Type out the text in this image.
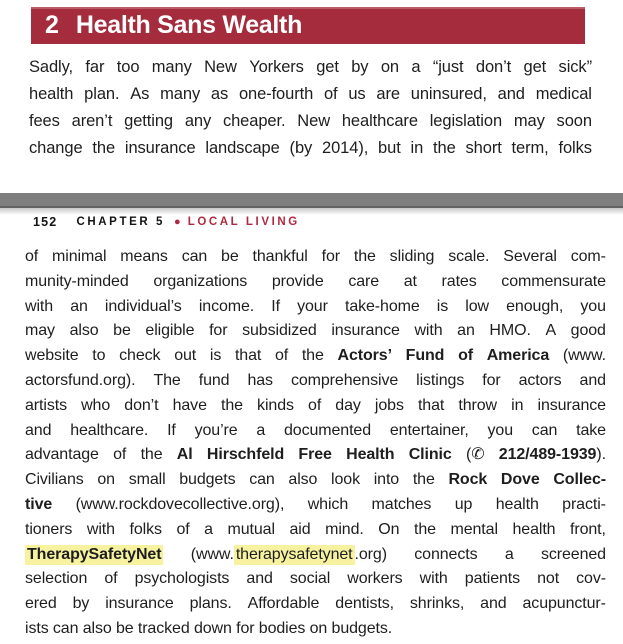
2 Health Sans Wealth
Sadly, far too many New Yorkers get by on a “just don’t get sick”
health plan. As many as one-fourth of us are uninsured, and medical
fees aren’t getting any cheaper. New healthcare legislation may soon
change the insurance landscape (by 2014), but in the short term, folks
152 CHAPTER 5 ● LOCAL LIVING
of minimal means can be thankful for the sliding scale. Several com-
munity-minded organizations provide care at rates commensurate
with an individual’s income. If your take-home is low enough, you
may also be eligible for subsidized insurance with an HMO. A good
website to check out is that of the Actors’ Fund of America (www.
actorsfund.org). The fund has comprehensive listings for actors and
artists who don’t have the kinds of day jobs that throw in insurance
and healthcare. If you’re a documented entertainer, you can take
advantage of the Al Hirschfeld Free Health Clinic (✆ 212/489-1939).
Civilians on small budgets can also look into the Rock Dove Collec-
tive (www.rockdovecollective.org), which matches up health practi-
tioners with folks of a mutual aid mind. On the mental health front,
TherapySafetyNet (www. therapysafetynet .org) connects a screened
selection of psychologists and social workers with patients not cov-
ered by insurance plans. Affordable dentists, shrinks, and acupunctur-
ists can also be tracked down for bodies on budgets.
